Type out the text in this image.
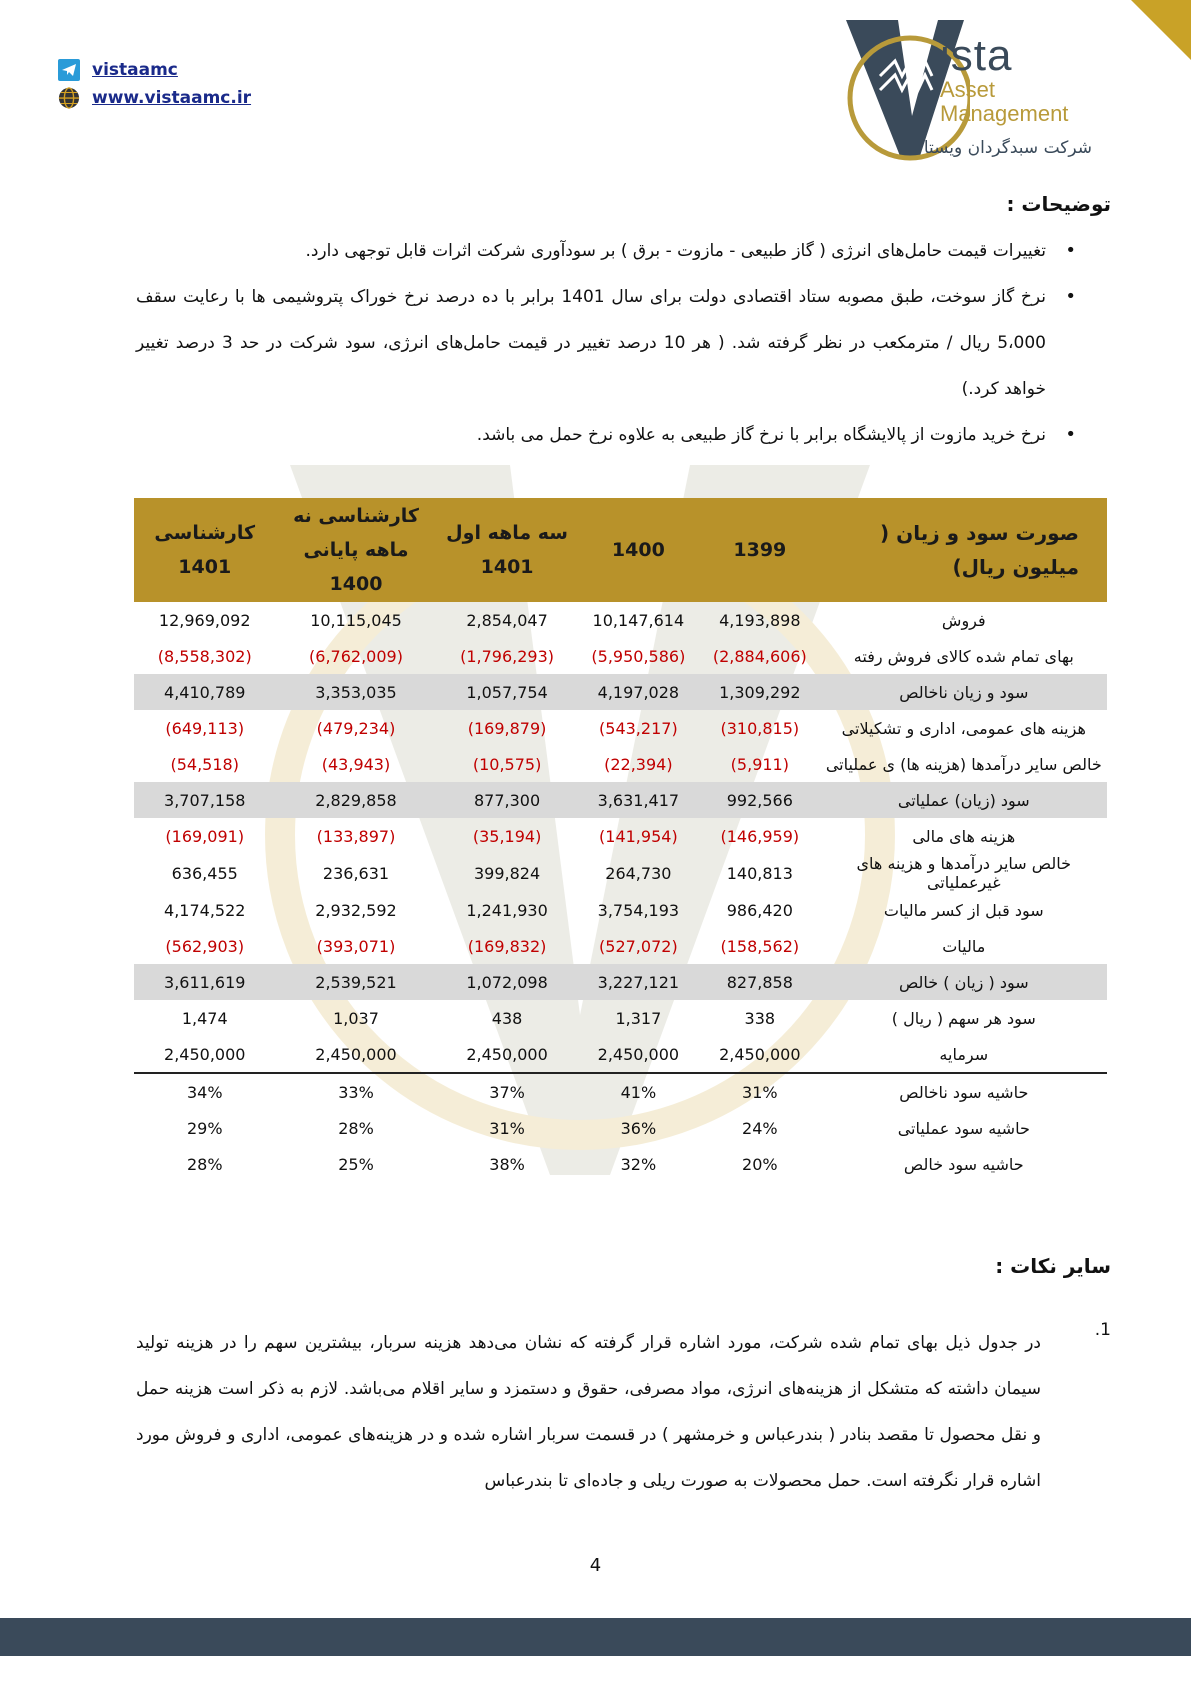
vistaamc
www.vistaamc.ir
ista
Asset
Management
شرکت سبدگردان ویستا
توضیحات :
• تغییرات قیمت حامل‌های انرژی ( گاز طبیعی - مازوت - برق ) بر سودآوری شرکت اثرات قابل توجهی دارد.
• نرخ گاز سوخت، طبق مصوبه ستاد اقتصادی دولت برای سال 1401 برابر با ده درصد نرخ خوراک پتروشیمی ها با رعایت سقف 5،000 ریال / مترمکعب در نظر گرفته شد. ( هر 10 درصد تغییر در قیمت حامل‌های انرژی، سود شرکت در حد 3 درصد تغییر خواهد کرد.)
• نرخ خرید مازوت از پالایشگاه برابر با نرخ گاز طبیعی به علاوه نرخ حمل می باشد.
صورت سود و زیان ( میلیون ریال)	1399	1400	سه ماهه اول 1401	کارشناسی نه ماهه پایانی 1400	کارشناسی 1401
فروش	4,193,898	10,147,614	2,854,047	10,115,045	12,969,092
بهای تمام شده کالای فروش رفته	(2,884,606)	(5,950,586)	(1,796,293)	(6,762,009)	(8,558,302)
سود و زیان ناخالص	1,309,292	4,197,028	1,057,754	3,353,035	4,410,789
هزینه های عمومی، اداری و تشکیلاتی	(310,815)	(543,217)	(169,879)	(479,234)	(649,113)
خالص سایر درآمدها (هزینه ها) ی عملیاتی	(5,911)	(22,394)	(10,575)	(43,943)	(54,518)
سود (زیان) عملیاتی	992,566	3,631,417	877,300	2,829,858	3,707,158
هزینه های مالی	(146,959)	(141,954)	(35,194)	(133,897)	(169,091)
خالص سایر درآمدها و هزینه های غیرعملیاتی	140,813	264,730	399,824	236,631	636,455
سود قبل از کسر مالیات	986,420	3,754,193	1,241,930	2,932,592	4,174,522
مالیات	(158,562)	(527,072)	(169,832)	(393,071)	(562,903)
سود ( زیان ) خالص	827,858	3,227,121	1,072,098	2,539,521	3,611,619
سود هر سهم ( ریال )	338	1,317	438	1,037	1,474
سرمایه	2,450,000	2,450,000	2,450,000	2,450,000	2,450,000

حاشیه سود ناخالص	31%	41%	37%	33%	34%
حاشیه سود عملیاتی	24%	36%	31%	28%	29%
حاشیه سود خالص	20%	32%	38%	25%	28%
سایر نکات :
1.

در جدول ذیل بهای تمام شده شرکت، مورد اشاره قرار گرفته که نشان می‌دهد هزینه سربار، بیشترین سهم را در هزینه تولید سیمان داشته که متشکل از هزینه‌های انرژی، مواد مصرفی، حقوق و دستمزد و سایر اقلام می‌باشد. لازم به ذکر است هزینه حمل و نقل محصول تا مقصد بنادر ( بندرعباس و خرمشهر ) در قسمت سربار اشاره شده و در هزینه‌های عمومی، اداری و فروش مورد اشاره قرار نگرفته است. حمل محصولات به صورت ریلی و جاده‌ای تا بندرعباس

4
